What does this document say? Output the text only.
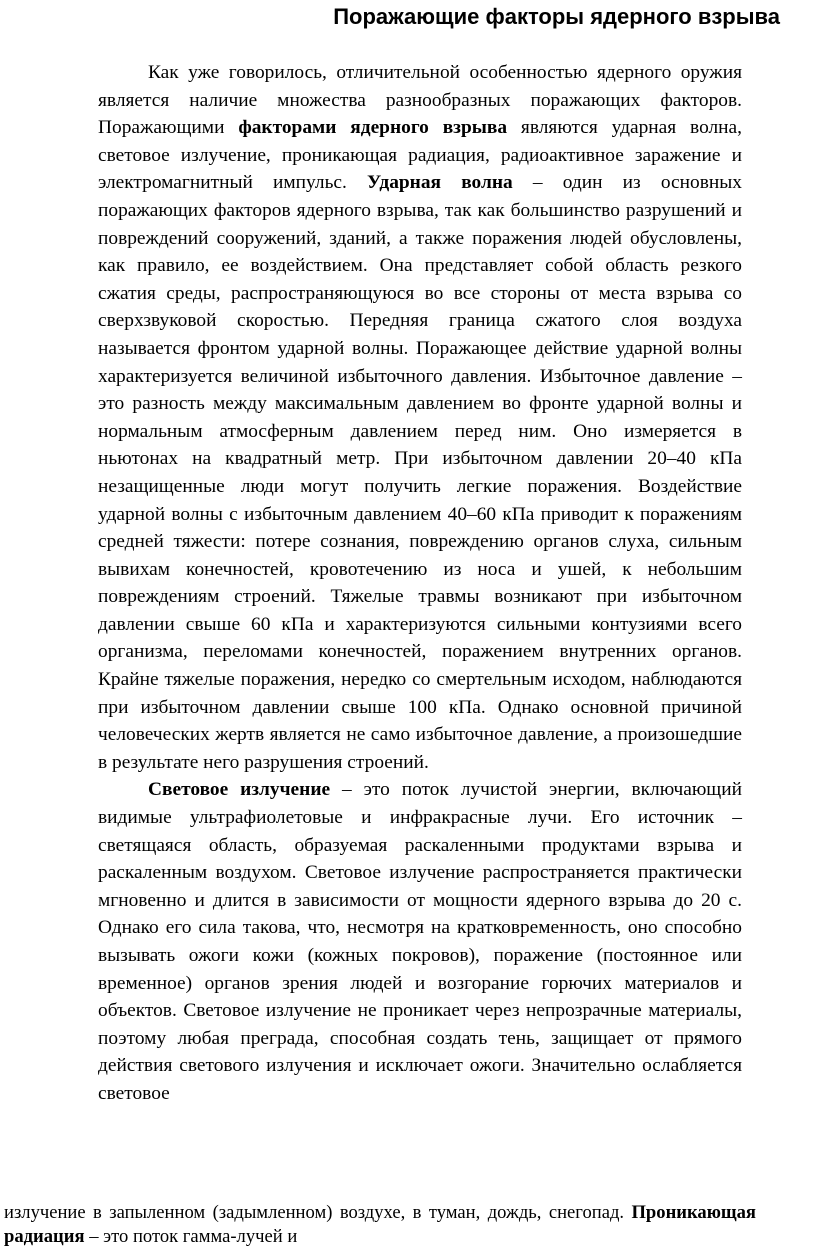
Поражающие факторы ядерного взрыва

Как уже говорилось, отличительной особенностью ядерного оружия является наличие множества разнообразных поражающих факторов. Поражающими факторами ядерного взрыва являются ударная волна, световое излучение, проникающая радиация, радиоактивное заражение и электромагнитный импульс. Ударная волна – один из основных поражающих факторов ядерного взрыва, так как большинство разрушений и повреждений сооружений, зданий, а также поражения людей обусловлены, как правило, ее воздействием. Она представляет собой область резкого сжатия среды, распространяющуюся во все стороны от места взрыва со сверхзвуковой скоростью. Передняя граница сжатого слоя воздуха называется фронтом ударной волны. Поражающее действие ударной волны характеризуется величиной избыточного давления. Избыточное давление – это разность между максимальным давлением во фронте ударной волны и нормальным атмосферным давлением перед ним. Оно измеряется в ньютонах на квадратный метр. При избыточном давлении 20–40 кПа незащищенные люди могут получить легкие поражения. Воздействие ударной волны с избыточным давлением 40–60 кПа приводит к поражениям средней тяжести: потере сознания, повреждению органов слуха, сильным вывихам конечностей, кровотечению из носа и ушей, к небольшим повреждениям строений. Тяжелые травмы возникают при избыточном давлении свыше 60 кПа и характеризуются сильными контузиями всего организма, переломами конечностей, поражением внутренних органов. Крайне тяжелые поражения, нередко со смертельным исходом, наблюдаются при избыточном давлении свыше 100 кПа. Однако основной причиной человеческих жертв является не само избыточное давление, а произошедшие в результате него разрушения строений.

Световое излучение – это поток лучистой энергии, включающий видимые ультрафиолетовые и инфракрасные лучи. Его источник – светящаяся область, образуемая раскаленными продуктами взрыва и раскаленным воздухом. Световое излучение распространяется практически мгновенно и длится в зависимости от мощности ядерного взрыва до 20 с. Однако его сила такова, что, несмотря на кратковременность, оно способно вызывать ожоги кожи (кожных покровов), поражение (постоянное или временное) органов зрения людей и возгорание горючих материалов и объектов. Световое излучение не проникает через непрозрачные материалы, поэтому любая преграда, способная создать тень, защищает от прямого действия светового излучения и исключает ожоги. Значительно ослабляется световое

излучение в запыленном (задымленном) воздухе, в туман, дождь, снегопад. Проникающая радиация – это поток гамма-лучей и
